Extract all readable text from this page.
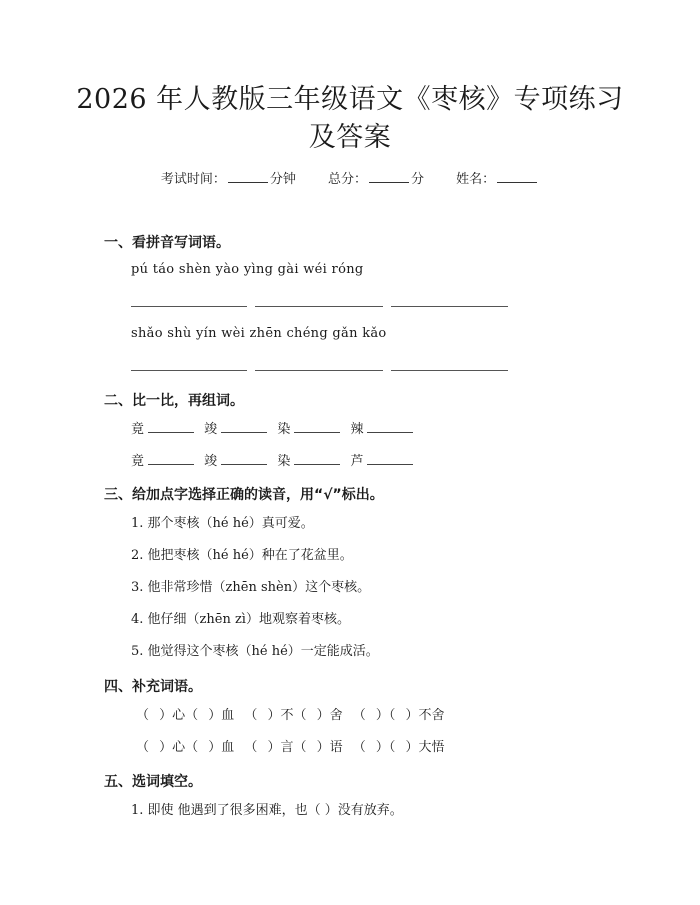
2026 年人教版三年级语文《枣核》专项练习
及答案
考试时间：	分钟 总分：	分 姓名：
一、看拼音写词语。
pú táo shèn yào yìng gài wéi róng
shǎo shù yín wèi zhēn chéng gǎn kǎo
二、比一比，再组词。
竟	竣	染	辣
竟	竣	染	芦
三、给加点字选择正确的读音，用“√”标出。
1. 那个枣核（hé hé）真可爱。
2. 他把枣核（hé hé）种在了花盆里。
3. 他非常珍惜（zhēn shèn）这个枣核。
4. 他仔细（zhēn zì）地观察着枣核。
5. 他觉得这个枣核（hé hé）一定能成活。
四、补充词语。
（ ）心（ ）血 （ ）不（ ）舍 （ ）（ ）不舍
（ ）心（ ）血 （ ）言（ ）语 （ ）（ ）大悟
五、选词填空。
1. 即使 他遇到了很多困难，也（ ）没有放弃。
